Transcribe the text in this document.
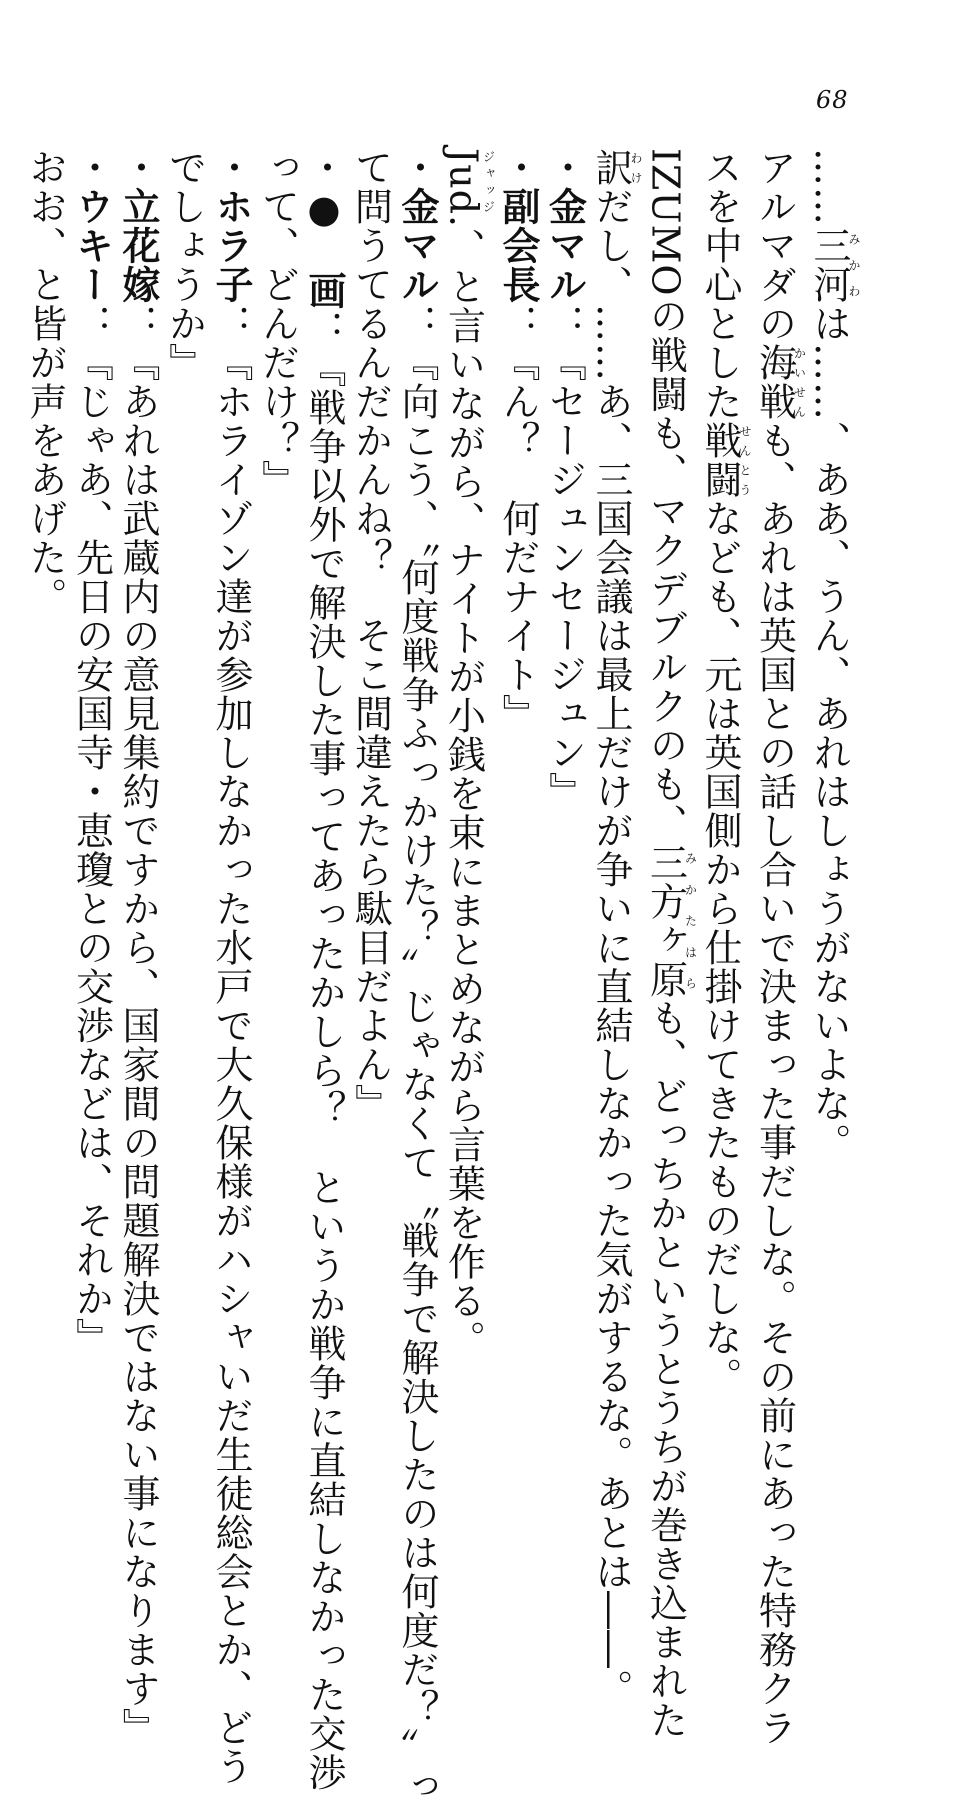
68
……三河みかわは……、ああ、うん、あれはしょうがないよな。
アルマダの海戦かいせんも、あれは英国との話し合いで決まった事だしな。その前にあった特務クラ
スを中心とした戦闘せんとうなども、元は英国側から仕掛けてきたものだしな。
IZUMOの戦闘も、マクデブルクのも、三方ヶ原みかたはらも、どっちかというとうちが巻き込まれた
訳わけだし、……あ、三国会議は最上だけが争いに直結しなかった気がするな。あとは――。
・金マル：『セージュンセージュン』
・副会長：『ん？　何だナイト』
Judジャッジ.、と言いながら、ナイトが小銭を束にまとめながら言葉を作る。
・金マル：『向こう、〝何度戦争ふっかけた？〟じゃなくて〝戦争で解決したのは何度だ？〟っ
て問うてるんだかんね？　そこ間違えたら駄目だよん』
・●　画：『戦争以外で解決した事ってあったかしら？　というか戦争に直結しなかった交渉
って、どんだけ？』
・ホラ子：『ホライゾン達が参加しなかった水戸で大久保様がハシャいだ生徒総会とか、どう
でしょうか』
・立花嫁：『あれは武蔵内の意見集約ですから、国家間の問題解決ではない事になります』
・ウキー：『じゃあ、先日の安国寺・恵瓊との交渉などは、それか』
おお、と皆が声をあげた。
